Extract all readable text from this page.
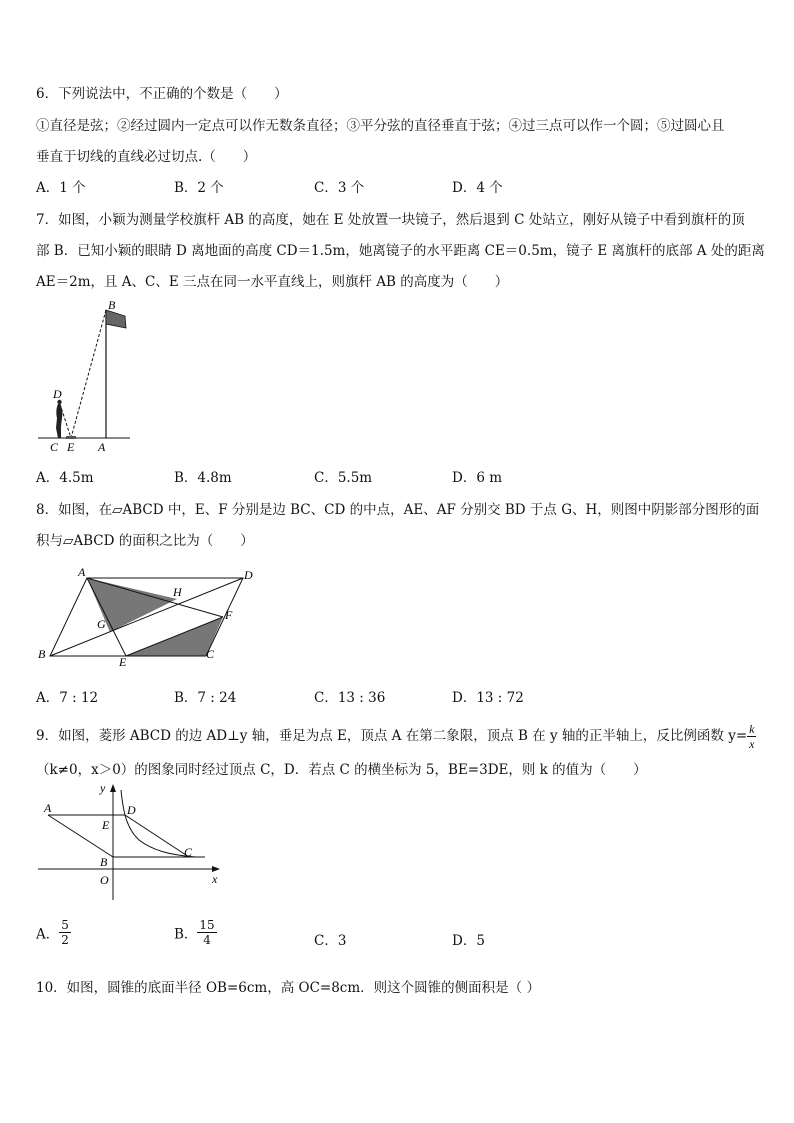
6．下列说法中，不正确的个数是（　　）
①直径是弦；②经过圆内一定点可以作无数条直径；③平分弦的直径垂直于弦；④过三点可以作一个圆；⑤过圆心且
垂直于切线的直线必过切点.（　　）
A．1 个	B．2 个	C．3 个	D．4 个
7．如图，小颖为测量学校旗杆 AB 的高度，她在 E 处放置一块镜子，然后退到 C 处站立，刚好从镜子中看到旗杆的顶
部 B．已知小颖的眼睛 D 离地面的高度 CD＝1.5m，她离镜子的水平距离 CE＝0.5m，镜子 E 离旗杆的底部 A 处的距离
AE＝2m，且 A、C、E 三点在同一水平直线上，则旗杆 AB 的高度为（　　）
B
D
C E A
A．4.5m	B．4.8m	C．5.5m	D．6 m
8．如图，在▱ABCD 中，E、F 分别是边 BC、CD 的中点，AE、AF 分别交 BD 于点 G、H，则图中阴影部分图形的面
积与▱ABCD 的面积之比为（　　）
A	D
B	C
E
F
G
H
A．7 : 12	B．7 : 24	C．13 : 36	D．13 : 72
9．如图，菱形 ABCD 的边 AD⊥y 轴，垂足为点 E，顶点 A 在第二象限，顶点 B 在 y 轴的正半轴上，反比例函数 $y= \frac{k}{x}$
（k≠0，x＞0）的图象同时经过顶点 C，D．若点 C 的横坐标为 5，BE=3DE，则 k 的值为（　　）
A	D
E
B
C
O
y
x
A． $\frac{5}{2}$	B． $\frac{15}{4}$	C．3	D．5
10．如图，圆锥的底面半径 OB=6cm，高 OC=8cm．则这个圆锥的侧面积是（ ）
